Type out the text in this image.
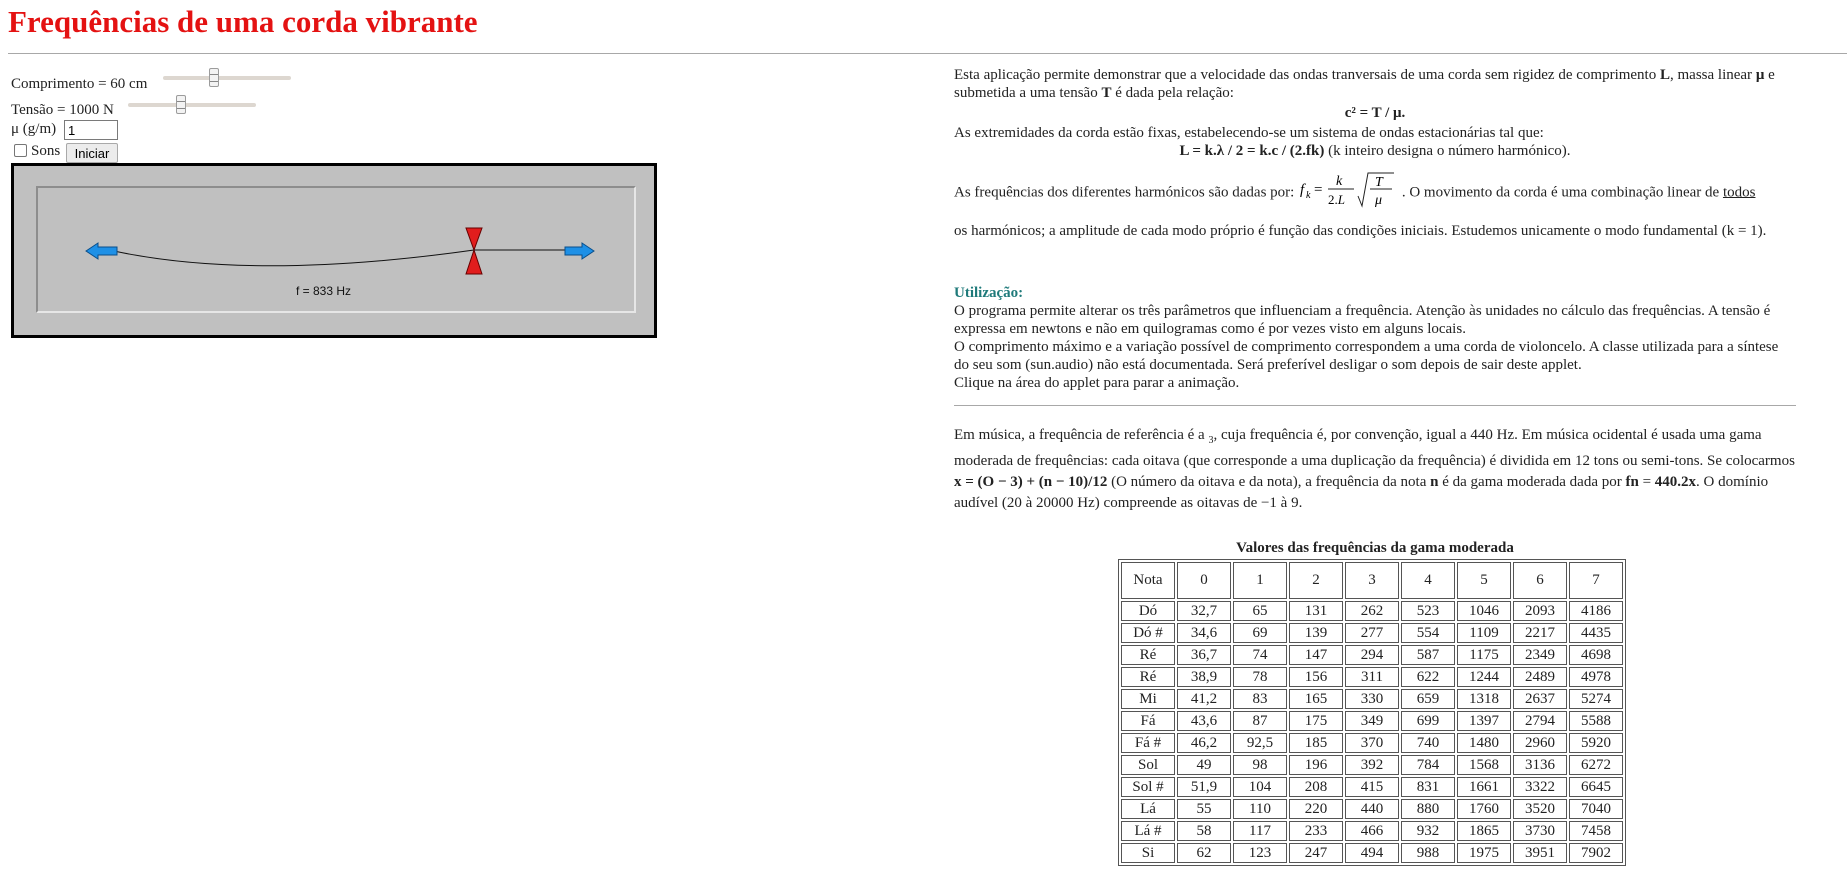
Frequências de uma corda vibrante
Comprimento = 60 cm
Tensão = 1000 N
μ (g/m)
1
Sons	Iniciar
f = 833 Hz

Esta aplicação permite demonstrar que a velocidade das ondas tranversais de uma corda sem rigidez de comprimento L, massa linear μ e submetida a uma tensão T é dada pela relação:

c² = T / μ.

As extremidades da corda estão fixas, estabelecendo-se um sistema de ondas estacionárias tal que:

L = k.λ / 2 = k.c / (2.fk) (k inteiro designa o número harmónico).

As frequências dos diferentes harmónicos são dadas por: f k =
k
2.L
T
μ
. O movimento da corda é uma combinação linear de todos

os harmónicos; a amplitude de cada modo próprio é função das condições iniciais. Estudemos unicamente o modo fundamental (k = 1).

Utilização:

O programa permite alterar os três parâmetros que influenciam a frequência. Atenção às unidades no cálculo das frequências. A tensão é expressa em newtons e não em quilogramas como é por vezes visto em alguns locais.

O comprimento máximo e a variação possível de comprimento correspondem a uma corda de violoncelo. A classe utilizada para a síntese do seu som (sun.audio) não está documentada. Será preferível desligar o som depois de sair deste applet.

Clique na área do applet para parar a animação.

Em música, a frequência de referência é a $_3$, cuja frequência é, por convenção, igual a 440 Hz. Em música ocidental é usada uma gama moderada de frequências: cada oitava (que corresponde a uma duplicação da frequência) é dividida em 12 tons ou semi-tons. Se colocarmos x = (O − 3) + (n − 10)/12 (O número da oitava e da nota), a frequência da nota n é da gama moderada dada por fn = 440.2x. O domínio audível (20 à 20000 Hz) compreende as oitavas de −1 à 9.

Valores das frequências da gama moderada
Nota	0	1	2	3	4	5	6	7
Dó	32,7	65	131	262	523	1046	2093	4186
Dó #	34,6	69	139	277	554	1109	2217	4435
Ré	36,7	74	147	294	587	1175	2349	4698
Ré	38,9	78	156	311	622	1244	2489	4978
Mi	41,2	83	165	330	659	1318	2637	5274
Fá	43,6	87	175	349	699	1397	2794	5588
Fá #	46,2	92,5	185	370	740	1480	2960	5920
Sol	49	98	196	392	784	1568	3136	6272
Sol #	51,9	104	208	415	831	1661	3322	6645
Lá	55	110	220	440	880	1760	3520	7040
Lá #	58	117	233	466	932	1865	3730	7458
Si	62	123	247	494	988	1975	3951	7902
